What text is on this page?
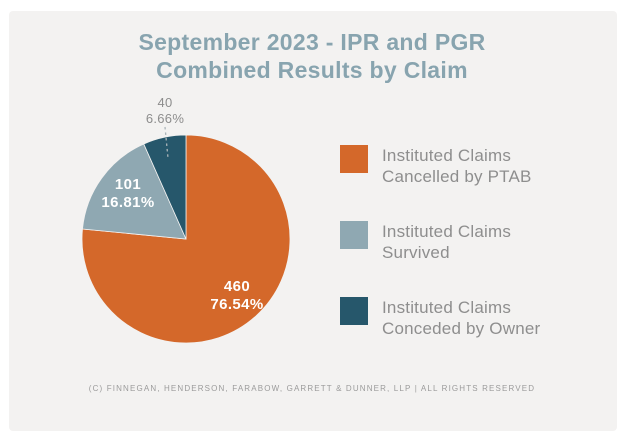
September 2023 - IPR and PGR
Combined Results by Claim
460
76.54%
101
16.81%
40
6.66%
Instituted Claims
Cancelled by PTAB
Instituted Claims
Survived
Instituted Claims
Conceded by Owner
(C) FINNEGAN, HENDERSON, FARABOW, GARRETT & DUNNER, LLP | ALL RIGHTS RESERVED
